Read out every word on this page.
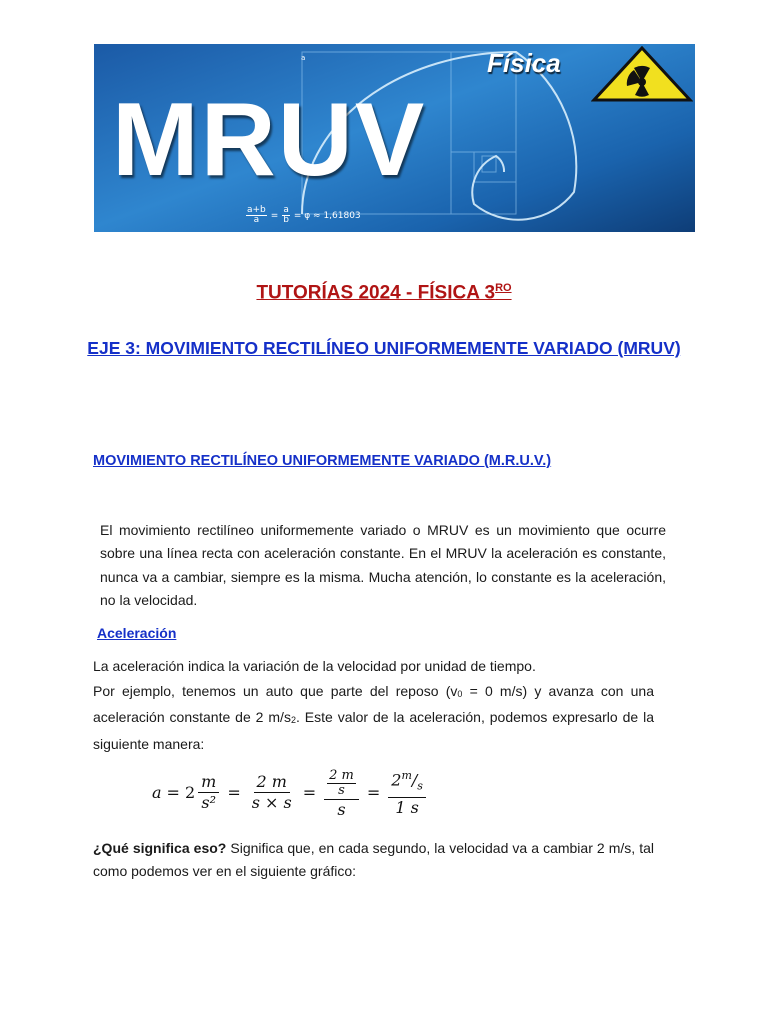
a
MRUV
Física
$\frac{a+b}{a} = \frac{a}{b} = \varphi \approx 1,61803$
TUTORÍAS 2024 - FÍSICA $3^{RO}$
EJE 3: MOVIMIENTO RECTILÍNEO UNIFORMEMENTE VARIADO (MRUV)
MOVIMIENTO RECTILÍNEO UNIFORMEMENTE VARIADO (M.R.U.V.)

El movimiento rectilíneo uniformemente variado o MRUV es un movimiento que ocurre sobre una línea recta con aceleración constante. En el MRUV la aceleración es constante, nunca va a cambiar, siempre es la misma. Mucha atención, lo constante es la aceleración, no la velocidad.

Aceleración

La aceleración indica la variación de la velocidad por unidad de tiempo.

Por ejemplo, tenemos un auto que parte del reposo (v0 = 0 m/s) y avanza con una aceleración constante de 2 m/s2. Este valor de la aceleración, podemos expresarlo de la siguiente manera:

$a = 2 \frac{m}{\text{s²}} = \frac{2 m}{s \times s} = \frac{\frac{2 m}{s}}{s} = \frac{2^m/_s}{1 s}$

¿Qué significa eso? Significa que, en cada segundo, la velocidad va a cambiar 2 m/s, tal como podemos ver en el siguiente gráfico:
